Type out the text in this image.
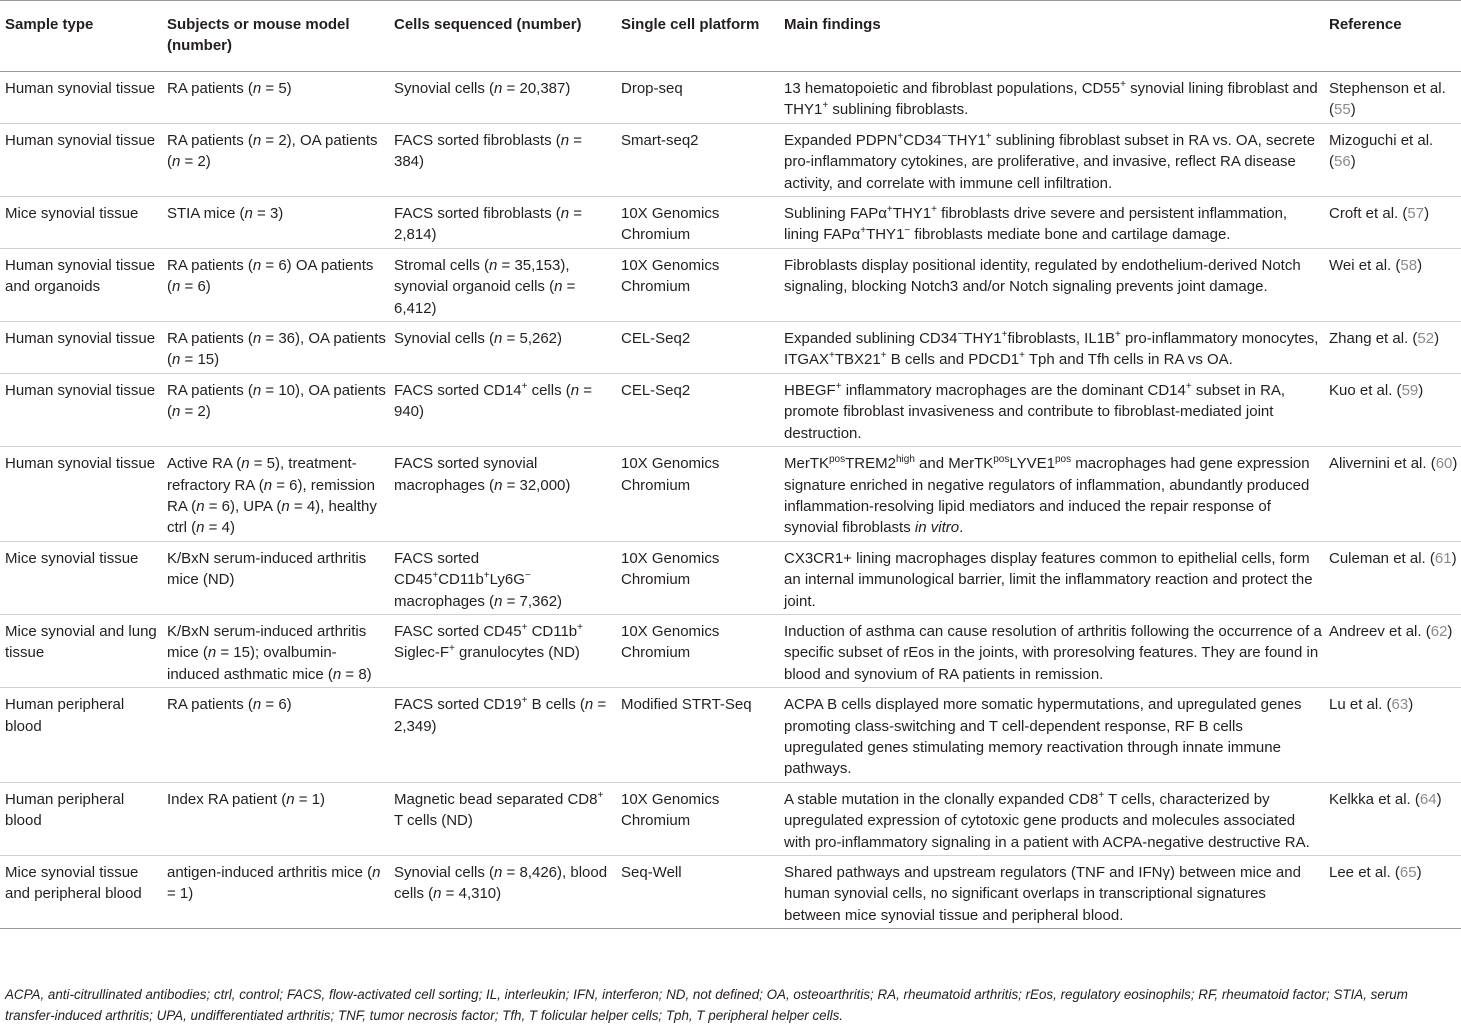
Sample type	Subjects or mouse model (number)	Cells sequenced (number)	Single cell platform	Main findings	Reference
Human synovial tissue	RA patients (n = 5)	Synovial cells (n = 20,387)	Drop-seq	13 hematopoietic and fibroblast populations, CD55+ synovial lining fibroblast and THY1+ sublining fibroblasts.	Stephenson et al. (55)
Human synovial tissue	RA patients (n = 2), OA patients (n = 2)	FACS sorted fibroblasts (n = 384)	Smart-seq2	Expanded PDPN+CD34−THY1+ sublining fibroblast subset in RA vs. OA, secrete pro-inflammatory cytokines, are proliferative, and invasive, reflect RA disease activity, and correlate with immune cell infiltration.	Mizoguchi et al. (56)
Mice synovial tissue	STIA mice (n = 3)	FACS sorted fibroblasts (n = 2,814)	10X Genomics Chromium	Sublining FAPα+THY1+ fibroblasts drive severe and persistent inflammation, lining FAPα+THY1− fibroblasts mediate bone and cartilage damage.	Croft et al. (57)
Human synovial tissue and organoids	RA patients (n = 6) OA patients (n = 6)	Stromal cells (n = 35,153), synovial organoid cells (n = 6,412)	10X Genomics Chromium	Fibroblasts display positional identity, regulated by endothelium-derived Notch signaling, blocking Notch3 and/or Notch signaling prevents joint damage.	Wei et al. (58)
Human synovial tissue	RA patients (n = 36), OA patients (n = 15)	Synovial cells (n = 5,262)	CEL-Seq2	Expanded sublining CD34−THY1+fibroblasts, IL1B+ pro-inflammatory monocytes, ITGAX+TBX21+ B cells and PDCD1+ Tph and Tfh cells in RA vs OA.	Zhang et al. (52)
Human synovial tissue	RA patients (n = 10), OA patients (n = 2)	FACS sorted CD14+ cells (n = 940)	CEL-Seq2	HBEGF+ inflammatory macrophages are the dominant CD14+ subset in RA, promote fibroblast invasiveness and contribute to fibroblast-mediated joint destruction.	Kuo et al. (59)
Human synovial tissue	Active RA (n = 5), treatment-refractory RA (n = 6), remission RA (n = 6), UPA (n = 4), healthy ctrl (n = 4)	FACS sorted synovial macrophages (n = 32,000)	10X Genomics Chromium	$MerTK^{pos}TREM2^{high}$ and $MerTK^{pos}LYVE1^{pos}$ macrophages had gene expression signature enriched in negative regulators of inflammation, abundantly produced inflammation-resolving lipid mediators and induced the repair response of synovial fibroblasts in vitro.	Alivernini et al. (60)
Mice synovial tissue	K/BxN serum-induced arthritis mice (ND)	FACS sorted CD45+CD11b+Ly6G− macrophages (n = 7,362)	10X Genomics Chromium	CX3CR1+ lining macrophages display features common to epithelial cells, form an internal immunological barrier, limit the inflammatory reaction and protect the joint.	Culeman et al. (61)
Mice synovial and lung tissue	K/BxN serum-induced arthritis mice (n = 15); ovalbumin-induced asthmatic mice (n = 8)	FASC sorted CD45+ CD11b+ Siglec-F+ granulocytes (ND)	10X Genomics Chromium	Induction of asthma can cause resolution of arthritis following the occurrence of a specific subset of rEos in the joints, with proresolving features. They are found in blood and synovium of RA patients in remission.	Andreev et al. (62)
Human peripheral blood	RA patients (n = 6)	FACS sorted CD19+ B cells (n = 2,349)	Modified STRT-Seq	ACPA B cells displayed more somatic hypermutations, and upregulated genes promoting class-switching and T cell-dependent response, RF B cells upregulated genes stimulating memory reactivation through innate immune pathways.	Lu et al. (63)
Human peripheral blood	Index RA patient (n = 1)	Magnetic bead separated CD8+ T cells (ND)	10X Genomics Chromium	A stable mutation in the clonally expanded CD8+ T cells, characterized by upregulated expression of cytotoxic gene products and molecules associated with pro-inflammatory signaling in a patient with ACPA-negative destructive RA.	Kelkka et al. (64)
Mice synovial tissue and peripheral blood	antigen-induced arthritis mice (n = 1)	Synovial cells (n = 8,426), blood cells (n = 4,310)	Seq-Well	Shared pathways and upstream regulators (TNF and IFNγ) between mice and human synovial cells, no significant overlaps in transcriptional signatures between mice synovial tissue and peripheral blood.	Lee et al. (65)
ACPA, anti-citrullinated antibodies; ctrl, control; FACS, flow-activated cell sorting; IL, interleukin; IFN, interferon; ND, not defined; OA, osteoarthritis; RA, rheumatoid arthritis; rEos, regulatory eosinophils; RF, rheumatoid factor; STIA, serum transfer-induced arthritis; UPA, undifferentiated arthritis; TNF, tumor necrosis factor; Tfh, T folicular helper cells; Tph, T peripheral helper cells.
